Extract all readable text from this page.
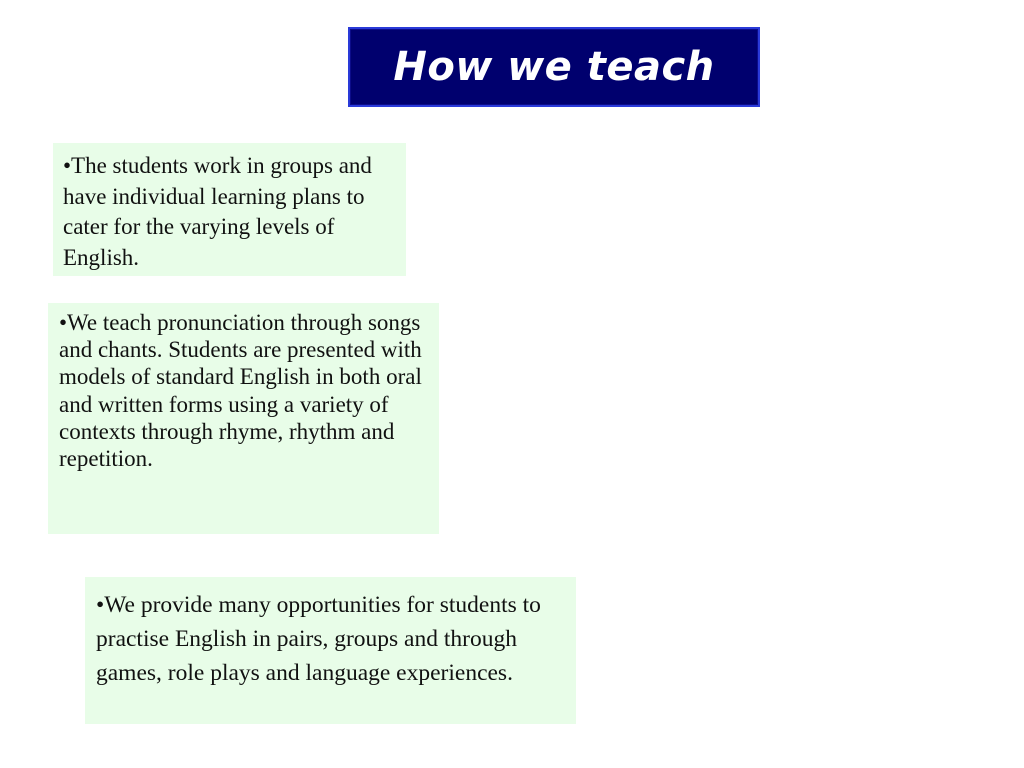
How we teach

•The students work in groups and have individual learning plans to cater for the varying levels of English.

•We teach pronunciation through songs and chants. Students are presented with models of standard English in both oral and written forms using a variety of contexts through rhyme, rhythm and repetition.

•We provide many opportunities for students to practise English in pairs, groups and through games, role plays and language experiences.
